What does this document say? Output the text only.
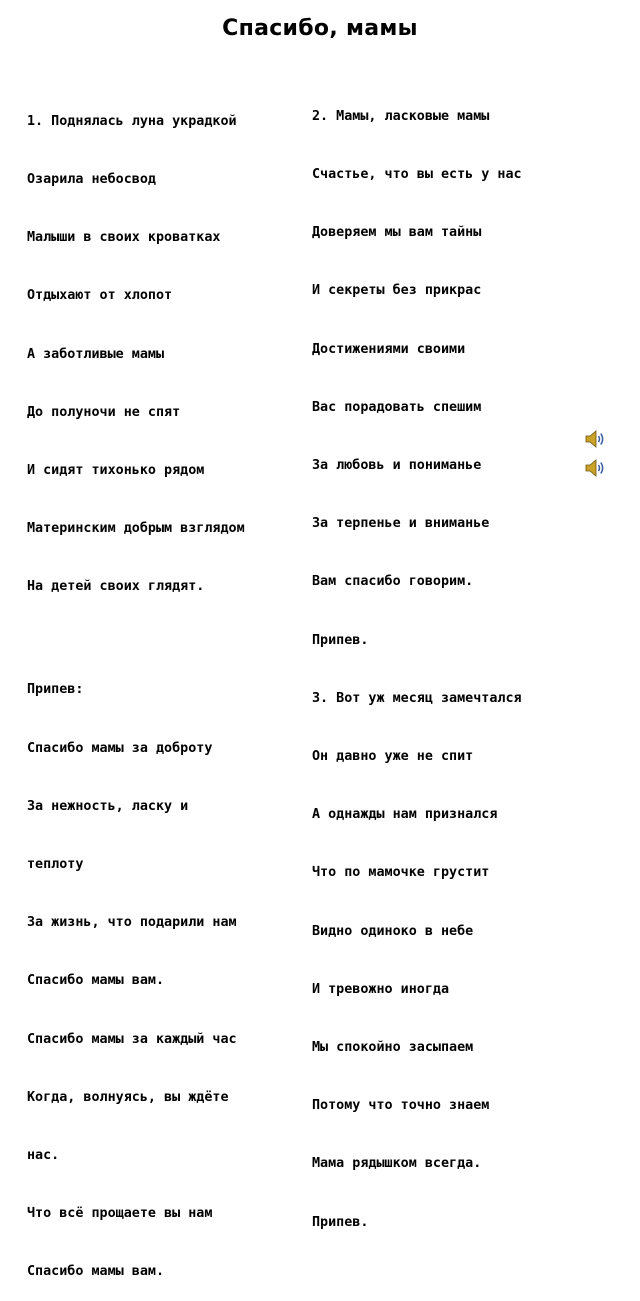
Спасибо, мамы

1. Поднялась луна украдкой

Озарила небосвод

Малыши в своих кроватках

Отдыхают от хлопот

А заботливые мамы

До полуночи не спят

И сидят тихонько рядом

Материнским добрым взглядом

На детей своих глядят.

Припев:

Спасибо мамы за доброту

За нежность, ласку и

теплоту

За жизнь, что подарили нам

Спасибо мамы вам.

Спасибо мамы за каждый час

Когда, волнуясь, вы ждёте

нас.

Что всё прощаете вы нам

Спасибо мамы вам.

2. Мамы, ласковые мамы

Счастье, что вы есть у нас

Доверяем мы вам тайны

И секреты без прикрас

Достижениями своими

Вас порадовать спешим

За любовь и пониманье

За терпенье и вниманье

Вам спасибо говорим.

Припев.

3. Вот уж месяц замечтался

Он давно уже не спит

А однажды нам признался

Что по мамочке грустит

Видно одиноко в небе

И тревожно иногда

Мы спокойно засыпаем

Потому что точно знаем

Мама рядышком всегда.

Припев.
